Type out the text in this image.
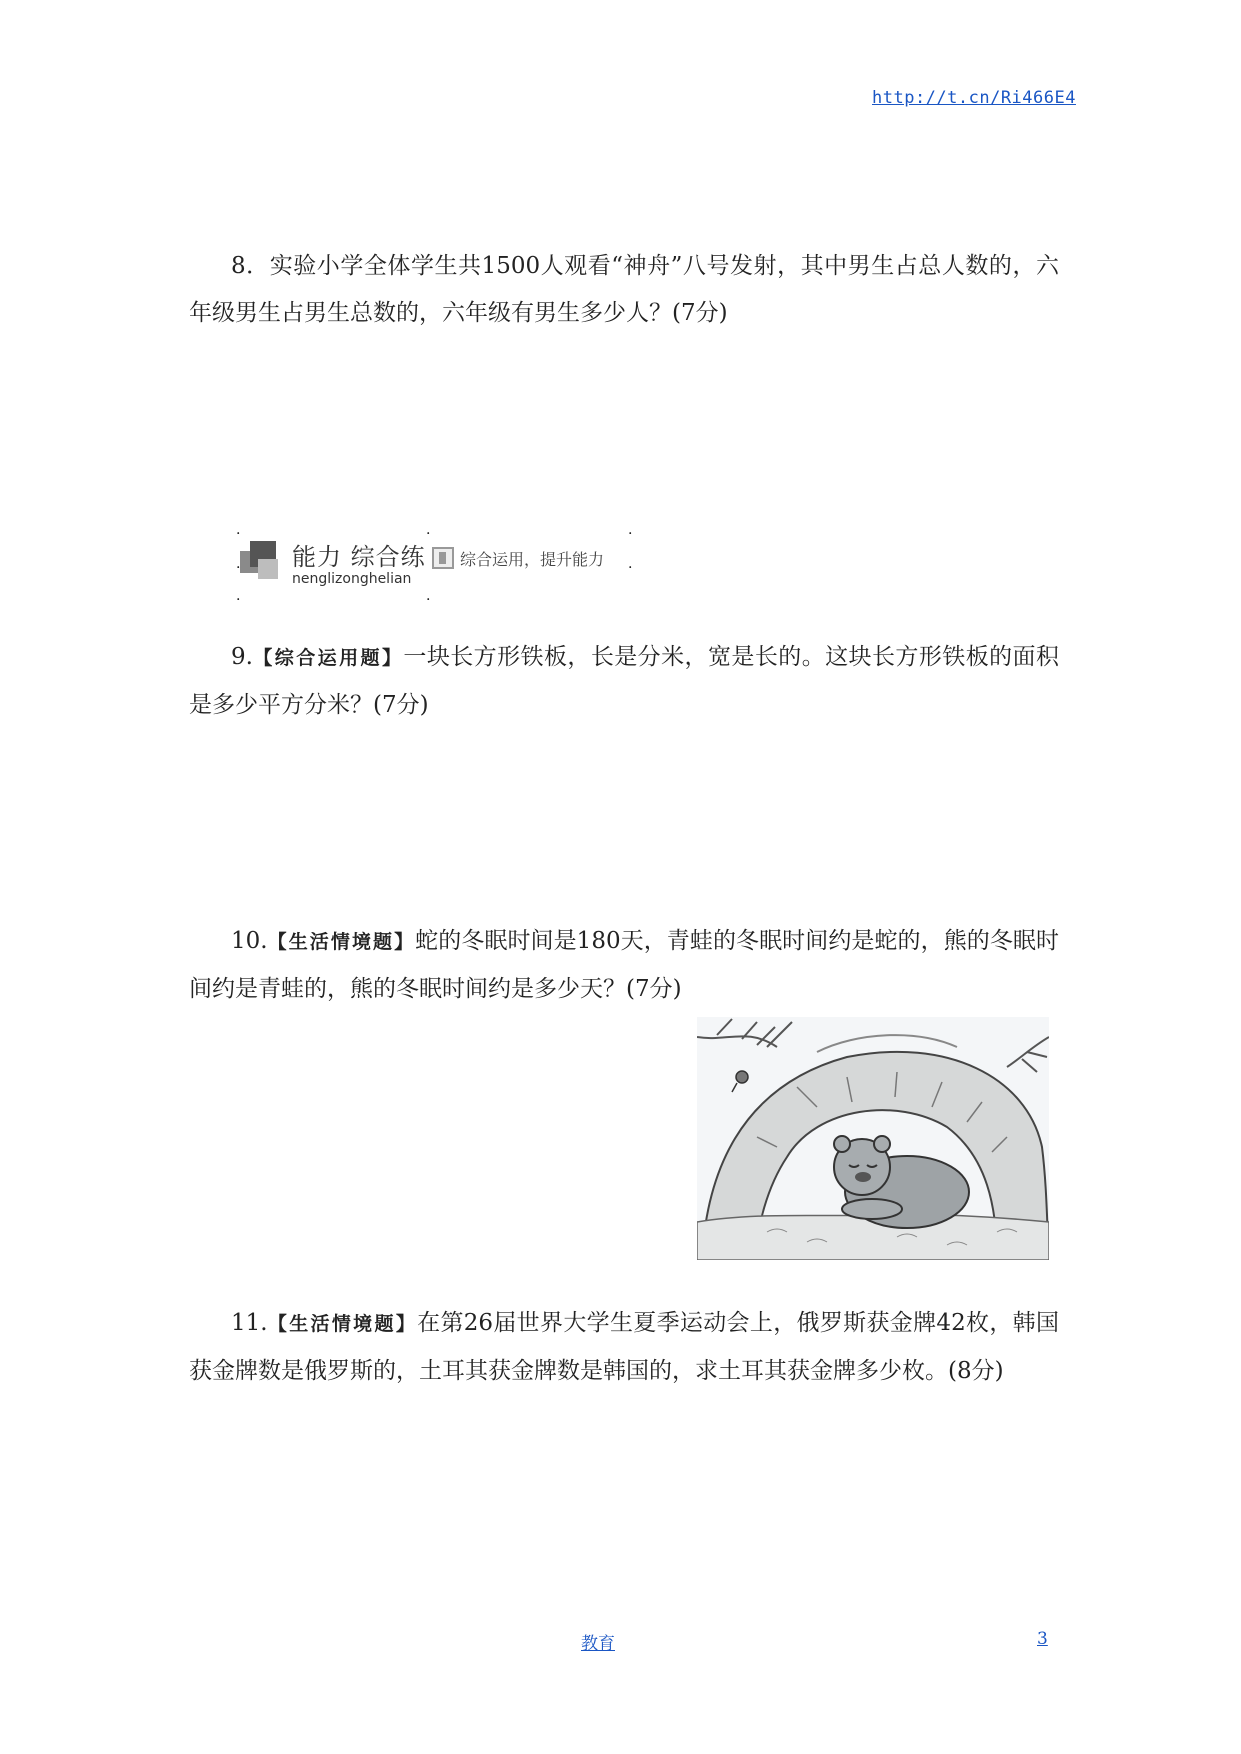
http://t.cn/Ri466E4
8．实验小学全体学生共1500人观看“神舟”八号发射，其中男生占总人数的，六年级男生占男生总数的，六年级有男生多少人？(7分)
.
.
.
.
.
.
.
能力 综合练
nenglizonghelian
综合运用，提升能力
9.【综合运用题】一块长方形铁板，长是分米，宽是长的。这块长方形铁板的面积是多少平方分米？(7分)
10.【生活情境题】蛇的冬眠时间是180天，青蛙的冬眠时间约是蛇的，熊的冬眠时间约是青蛙的，熊的冬眠时间约是多少天？(7分)
11.【生活情境题】在第26届世界大学生夏季运动会上，俄罗斯获金牌42枚，韩国获金牌数是俄罗斯的，土耳其获金牌数是韩国的，求土耳其获金牌多少枚。(8分)
教育	3
